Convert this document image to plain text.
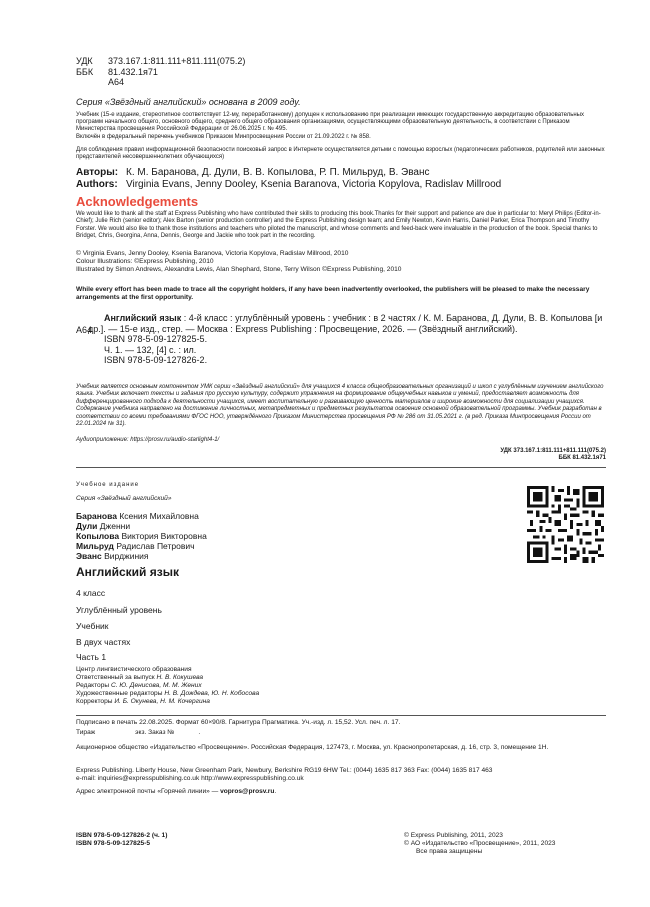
УДК	373.167.1:811.111+811.111(075.2)
ББК	81.432.1я71
А64
Серия «Звёздный английский» основана в 2009 году.
Учебник (15-е издание, стереотипное соответствует 12-му, переработанному) допущен к использованию при реализации имеющих государственную аккредитацию образовательных программ начального общего, основного общего, среднего общего образования организациями, осуществляющими образовательную деятельность, в соответствии с Приказом Министерства просвещения Российской Федерации от 26.06.2025 г. № 495.
Включён в федеральный перечень учебников Приказом Минпросвещения России от 21.09.2022 г. № 858.
Для соблюдения правил информационной безопасности поисковый запрос в Интернете осуществляется детьми с помощью взрослых (педагогических работников, родителей или законных представителей несовершеннолетних обучающихся)
Авторы: К. М. Баранова, Д. Дули, В. В. Копылова, Р. П. Мильруд, В. Эванс
Authors: Virginia Evans, Jenny Dooley, Ksenia Baranova, Victoria Kopylova, Radislav Millrood
Acknowledgements
We would like to thank all the staff at Express Publishing who have contributed their skills to producing this book.Thanks for their support and patience are due in particular to: Meryl Philips (Editor-in-Chief); Julie Rich (senior editor); Alex Barton (senior production controller) and the Express Publishing design team; and Emily Newton, Kevin Harris, Daniel Parker, Erica Thompson and Timothy Forster. We would also like to thank those institutions and teachers who piloted the manuscript, and whose comments and feed-back were invaluable in the production of the book. Special thanks to Bridget, Chris, Georgina, Anna, Dennis, George and Jackie who took part in the recording.
© Virginia Evans, Jenny Dooley, Ksenia Baranova, Victoria Kopylova, Radislav Millrood, 2010
Colour Illustrations: ©Express Publishing, 2010
Illustrated by Simon Andrews, Alexandra Lewis, Alan Shephard, Stone, Terry Wilson ©Express Publishing, 2010
While every effort has been made to trace all the copyright holders, if any have been inadvertently overlooked, the publishers will be pleased to make the necessary arrangements at the first opportunity.
А64
Английский язык : 4-й класс : углублённый уровень : учебник : в 2 частях / К. М. Баранова, Д. Дули, В. В. Копылова [и др.]. — 15-е изд., стер. — Москва : Express Publishing : Просвещение, 2026. — (Звёздный английский).
ISBN 978-5-09-127825-5.
Ч. 1. — 132, [4] с. : ил.
ISBN 978-5-09-127826-2.
Учебник является основным компонентом УМК серии «Звёздный английский» для учащихся 4 класса общеобразовательных организаций и школ с углублённым изучением английского языка. Учебник включает тексты и задания про русскую культуру, содержит упражнения на формирование общеучебных навыков и умений, предоставляет возможность для дифференцированного подхода к деятельности учащихся, имеет воспитательную и развивающую ценность материалов и широкие возможности для социализации учащихся. Содержание учебника направлено на достижение личностных, метапредметных и предметных результатов освоения основной образовательной программы. Учебник разработан в соответствии со всеми требованиями ФГОС НОО, утверждённого Приказом Министерства просвещения РФ № 286 от 31.05.2021 г. (в ред. Приказа Минпросвещения России от 22.01.2024 № 31).
Аудиоприложение: https://prosv.ru/audio-starlight4-1/
УДК 373.167.1:811.111+811.111(075.2)
ББК 81.432.1я71
Учебное издание
Серия «Звёздный английский»
Баранова Ксения Михайловна
Дули Дженни
Копылова Виктория Викторовна
Мильруд Радислав Петрович
Эванс Вирджиния
Английский язык
4 класс
Углублённый уровень
Учебник
В двух частях
Часть 1
Центр лингвистического образования
Ответственный за выпуск Н. В. Кокушева
Редакторы С. Ю. Денисова, М. М. Жених
Художественные редакторы Н. В. Дождева, Ю. Н. Кобосова
Корректоры И. Б. Окунева, Н. М. Кочергина
Подписано в печать 22.08.2025. Формат 60×90/8. Гарнитура Прагматика. Уч.-изд. л. 15,52. Усл. печ. л. 17.
Тираж	экз. Заказ №	.
Акционерное общество «Издательство «Просвещение». Российская Федерация, 127473, г. Москва, ул. Краснопролетарская, д. 16, стр. 3, помещение 1Н.
Express Publishing. Liberty House, New Greenham Park, Newbury, Berkshire RG19 6HW Tel.: (0044) 1635 817 363 Fax: (0044) 1635 817 463
e-mail: inquiries@expresspublishing.co.uk http://www.expresspublishing.co.uk
Адрес электронной почты «Горячей линии» — vopros@prosv.ru.
ISBN 978-5-09-127826-2 (ч. 1)
ISBN 978-5-09-127825-5
© Express Publishing, 2011, 2023
© АО «Издательство «Просвещение», 2011, 2023
Все права защищены
